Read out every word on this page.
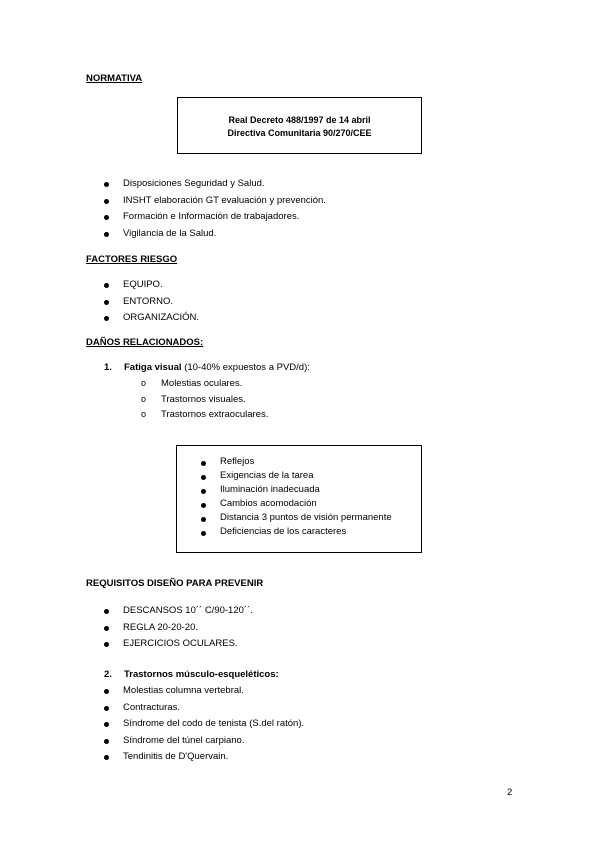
NORMATIVA
Real Decreto 488/1997 de 14 abril
Directiva Comunitaria 90/270/CEE
Disposiciones Seguridad y Salud.
INSHT elaboración GT evaluación y prevención.
Formación e Información de trabajadores.
Vigilancia de la Salud.
FACTORES RIESGO
EQUIPO.
ENTORNO.
ORGANIZACIÓN.
DAÑOS RELACIONADOS:
1. Fatiga visual (10-40% expuestos a PVD/d):
o Molestias oculares.
o Trastornos visuales.
o Trastornos extraoculares.
Reflejos
Exigencias de la tarea
Iluminación inadecuada
Cambios acomodación
Distancia 3 puntos de visión permanente
Deficiencias de los caracteres
REQUISITOS DISEÑO PARA PREVENIR
DESCANSOS 10´´ C/90-120´´.
REGLA 20-20-20.
EJERCICIOS OCULARES.
2. Trastornos músculo-esqueléticos:
Molestias columna vertebral.
Contracturas.
Síndrome del codo de tenista (S.del ratón).
Síndrome del túnel carpiano.
Tendinitis de D'Quervain.
2
